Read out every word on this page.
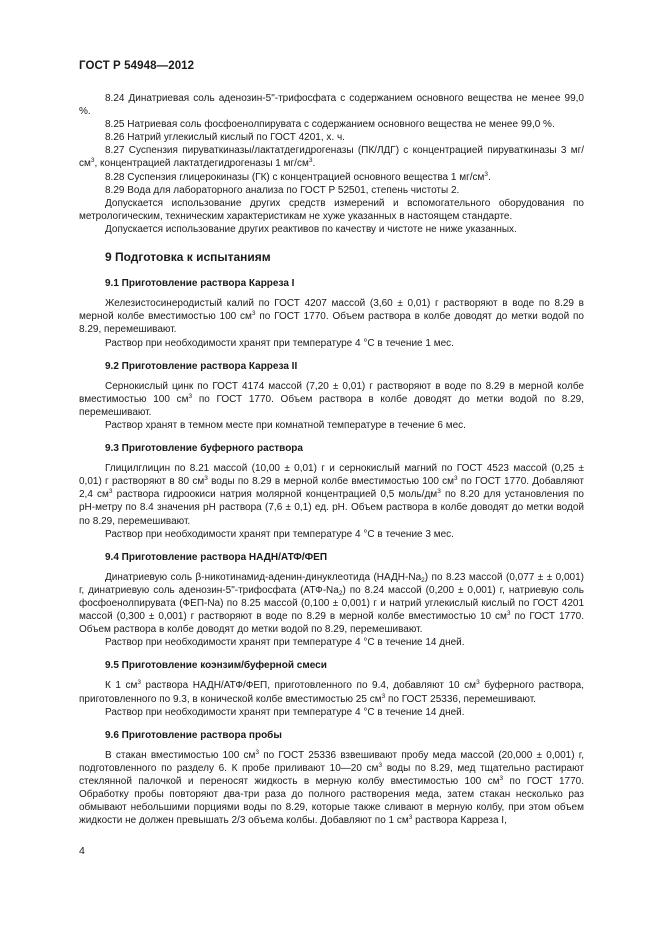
ГОСТ Р 54948—2012

8.24 Динатриевая соль аденозин-5"-трифосфата с содержанием основного вещества не менее 99,0 %.

8.25 Натриевая соль фосфоенолпирувата с содержанием основного вещества не менее 99,0 %.

8.26 Натрий углекислый кислый по ГОСТ 4201, х. ч.

8.27 Суспензия пируваткиназы/лактатдегидрогеназы (ПК/ЛДГ) с концентрацией пируваткиназы 3 $мг/см^3$, концентрацией лактатдегидрогеназы 1 $мг/см^3$.

8.28 Суспензия глицерокиназы (ГК) с концентрацией основного вещества 1 $мг/см^3$.

8.29 Вода для лабораторного анализа по ГОСТ Р 52501, степень чистоты 2.

Допускается использование других средств измерений и вспомогательного оборудования по метрологическим, техническим характеристикам не хуже указанных в настоящем стандарте.

Допускается использование других реактивов по качеству и чистоте не ниже указанных.

9 Подготовка к испытаниям
9.1 Приготовление раствора Карреза I

Железистосинеродистый калий по ГОСТ 4207 массой (3,60 ± 0,01) г растворяют в воде по 8.29 в мерной колбе вместимостью 100 $см^3$ по ГОСТ 1770. Объем раствора в колбе доводят до метки водой по 8.29, перемешивают.

Раствор при необходимости хранят при температуре 4 °С в течение 1 мес.

9.2 Приготовление раствора Карреза II

Сернокислый цинк по ГОСТ 4174 массой (7,20 ± 0,01) г растворяют в воде по 8.29 в мерной колбе вместимостью 100 $см^3$ по ГОСТ 1770. Объем раствора в колбе доводят до метки водой по 8.29, перемешивают.

Раствор хранят в темном месте при комнатной температуре в течение 6 мес.

9.3 Приготовление буферного раствора

Глицилглицин по 8.21 массой (10,00 ± 0,01) г и сернокислый магний по ГОСТ 4523 массой (0,25 ± 0,01) г растворяют в 80 $см^3$ воды по 8.29 в мерной колбе вместимостью 100 $см^3$ по ГОСТ 1770. Добавляют 2,4 $см^3$ раствора гидроокиси натрия молярной концентрацией 0,5 моль/$дм^3$ по 8.20 для установления по рН-метру по 8.4 значения рН раствора (7,6 ± 0,1) ед. рН. Объем раствора в колбе доводят до метки водой по 8.29, перемешивают.

Раствор при необходимости хранят при температуре 4 °С в течение 3 мес.

9.4 Приготовление раствора НАДН/АТФ/ФЕП

Динатриевую соль β-никотинамид-аденин-динуклеотида $(НАДН-Na_2)$ по 8.23 массой (0,077 ± ± 0,001) г, динатриевую соль аденозин-5"-трифосфата $(АТФ-Na_2)$ по 8.24 массой (0,200 ± 0,001) г, натриевую соль фосфоенолпирувата (ФЕП-Na) по 8.25 массой (0,100 ± 0,001) г и натрий углекислый кислый по ГОСТ 4201 массой (0,300 ± 0,001) г растворяют в воде по 8.29 в мерной колбе вместимостью 10 $см^3$ по ГОСТ 1770. Объем раствора в колбе доводят до метки водой по 8.29, перемешивают.

Раствор при необходимости хранят при температуре 4 °С в течение 14 дней.

9.5 Приготовление коэнзим/буферной смеси

К 1 $см^3$ раствора НАДН/АТФ/ФЕП, приготовленного по 9.4, добавляют 10 $см^3$ буферного раствора, приготовленного по 9.3, в конической колбе вместимостью 25 $см^3$ по ГОСТ 25336, перемешивают.

Раствор при необходимости хранят при температуре 4 °С в течение 14 дней.

9.6 Приготовление раствора пробы

В стакан вместимостью 100 $см^3$ по ГОСТ 25336 взвешивают пробу меда массой (20,000 ± 0,001) г, подготовленного по разделу 6. К пробе приливают 10—20 $см^3$ воды по 8.29, мед тщательно растирают стеклянной палочкой и переносят жидкость в мерную колбу вместимостью 100 $см^3$ по ГОСТ 1770. Обработку пробы повторяют два-три раза до полного растворения меда, затем стакан несколько раз обмывают небольшими порциями воды по 8.29, которые также сливают в мерную колбу, при этом объем жидкости не должен превышать 2/3 объема колбы. Добавляют по 1 $см^3$ раствора Карреза I,

4
